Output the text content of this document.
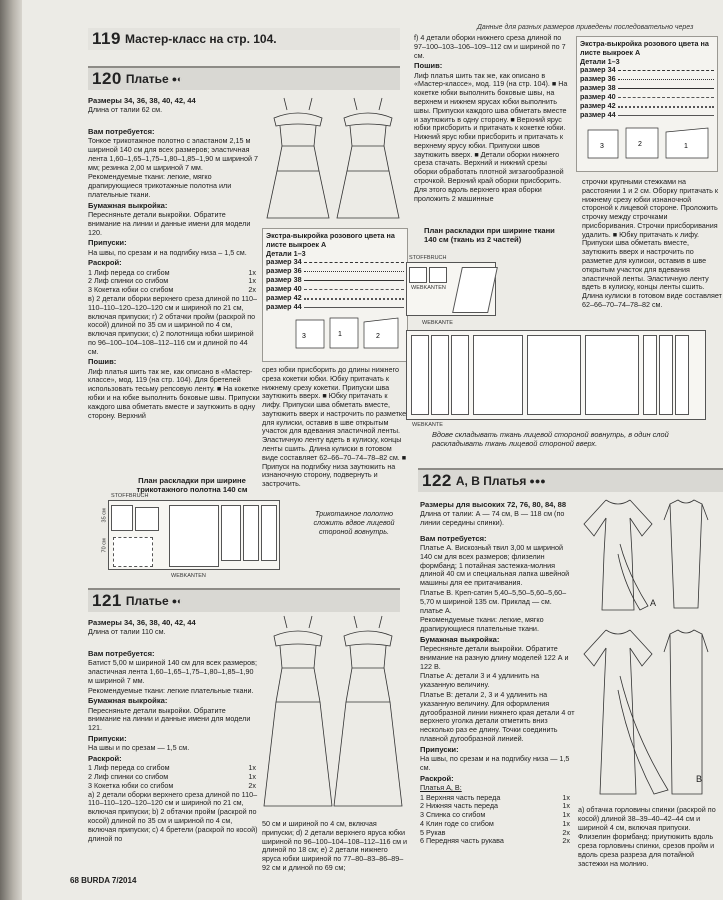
Данные для разных размеров приведены последовательно через
119 Мастер-класс на стр. 104.
120 Платье ●◐

Размеры 34, 36, 38, 40, 42, 44

Длина от талии 62 см.

Вам потребуется:

Тонкое трикотажное полотно с эластаном 2,15 м шириной 140 см для всех размеров; эластичная лента 1,60–1,65–1,75–1,80–1,85–1,90 м шириной 7 мм; резинка 2,00 м шириной 7 мм.

Рекомендуемые ткани: легкие, мягко драпирующиеся трикотажные полотна или плательные ткани.

Бумажная выкройка:

Пересняньте детали выкройки. Обратите внимание на линии и данные имени для модели 120.

Припуски:

На швы, по срезам и на подгибку низа – 1,5 см.

Раскрой:

1 Лиф переда со сгибом	1x
2 Лиф спинки со сгибом	1x
3 Кокетка юбки со сгибом	2x

в) 2 детали оборки верхнего среза длиной по 110–110–110–120–120–120 см и шириной по 21 см, включая припуски; г) 2 обтачки пройм (раскрой по косой) длиной по 35 см и шириной по 4 см, включая припуски; с) 2 полотнища юбки шириной по 96–100–104–108–112–116 см и длиной по 44 см.

Пошив:

Лиф платья шить так же, как описано в «Мастер-классе», мод. 119 (на стр. 104). Для бретелей использовать тесьму репсовую ленту. ■ На кокетке юбки и на юбке выполнить боковые швы. Припуски каждого шва обметать вместе и заутюжить в одну сторону. Верхний

Экстра-выкройка розового цвета на листе выкроек А

Детали 1–3

размер 34
размер 36
размер 38
размер 40
размер 42
размер 44
3	1	2

срез юбки присборить до длины нижнего среза кокетки юбки. Юбку притачать к нижнему срезу кокетки. Припуски шва заутюжить вверх. ■ Юбку притачать к лифу. Припуски шва обметать вместе, заутюжить вверх и настрочить по разметке для кулиски, оставив в шве открытым участок для вдевания эластичной ленты. Эластичную ленту вдеть в кулиску, концы ленты сшить. Длина кулиски в готовом виде составляет 62–66–70–74–78–82 см. ■ Припуск на подгибку низа заутюжить на изнаночную сторону, подвернуть и застрочить.

План раскладки при ширине трикотажного полотна 140 см

STOFFBRUCH
WEBKANTEN
35 см
70 см

Трикотажное полотно сложить вдвое лицевой стороной вовнутрь.

121 Платье ●◐

Размеры 34, 36, 38, 40, 42, 44

Длина от талии 110 см.

Вам потребуется:

Батист 5,00 м шириной 140 см для всех размеров; эластичная лента 1,60–1,65–1,75–1,80–1,85–1,90 м шириной 7 мм.

Рекомендуемые ткани: легкие плательные ткани.

Бумажная выкройка:

Пересняньте детали выкройки. Обратите внимание на линии и данные имени для модели 121.

Припуски:

На швы и по срезам — 1,5 см.

Раскрой:

1 Лиф переда со сгибом	1x
2 Лиф спинки со сгибом	1x
3 Кокетка юбки со сгибом	2x

а) 2 детали оборки верхнего среза длиной по 110–110–110–120–120–120 см и шириной по 21 см, включая припуски; b) 2 обтачки пройм (раскрой по косой) длиной по 35 см и шириной по 4 см, включая припуски; с) 4 бретели (раскрой по косой) длиной по

50 см и шириной по 4 см, включая припуски; d) 2 детали верхнего яруса юбки шириной по 96–100–104–108–112–116 см и длиной по 18 см; е) 2 детали нижнего яруса юбки шириной по 77–80–83–86–89–92 см и длиной по 69 см;

f) 4 детали оборки нижнего среза длиной по 97–100–103–106–109–112 см и шириной по 7 см.

Пошив:

Лиф платья шить так же, как описано в «Мастер-классе», мод. 119 (на стр. 104). ■ На кокетке юбки выполнить боковые швы, на верхнем и нижнем ярусах юбки выполнить швы. Припуски каждого шва обметать вместе и заутюжить в одну сторону. ■ Верхний ярус юбки присборить и притачать к кокетке юбки. Нижний ярус юбки присборить и притачать к верхнему ярусу юбки. Припуски швов заутюжить вверх. ■ Детали оборки нижнего среза стачать. Верхний и нижний срезы оборки обработать плотной зигзагообразной строчкой. Верхний край оборки присборить. Для этого вдоль верхнего края оборки проложить 2 машинные

План раскладки при ширине ткани 140 см (ткань из 2 частей)

STOFFBRUCH
WEBKANTEN
WEBKANTE
WEBKANTE

Вдове складывать ткань лицевой стороной вовнутрь, в один слой раскладывать ткань лицевой стороной вверх.

Экстра-выкройка розового цвета на листе выкроек А

Детали 1–3

размер 34
размер 36
размер 38
размер 40
размер 42
размер 44
3	2	1

строчки крупными стежками на расстоянии 1 и 2 см. Оборку притачать к нижнему срезу юбки изнаночной стороной к лицевой стороне. Проложить строчку между строчками присборивания. Строчки присборивания удалить. ■ Юбку притачать к лифу. Припуски шва обметать вместе, заутюжить вверх и настрочить по разметке для кулиски, оставив в шве открытым участок для вдевания эластичной ленты. Эластичную ленту вдеть в кулиску, концы ленты сшить. Длина кулиски в готовом виде составляет 62–66–70–74–78–82 см.

122 А, В Платья ●●●

Размеры для высоких 72, 76, 80, 84, 88

Длина от талии: А — 74 см, В — 118 см (по линии середины спинки).

Вам потребуется:

Платье А. Вискозный твил 3,00 м шириной 140 см для всех размеров; флизелин формбанд; 1 потайная застежка-молния длиной 40 см и специальная лапка швейной машины для ее притачивания.

Платье В. Креп-сатин 5,40–5,50–5,60–5,60–5,70 м шириной 135 см. Приклад — см. платье А.

Рекомендуемые ткани: легкие, мягко драпирующиеся плательные ткани.

Бумажная выкройка:

Пересняньте детали выкройки. Обратите внимание на разную длину моделей 122 А и 122 В.

Платье А: детали 3 и 4 удлинить на указанную величину.

Платье В: детали 2, 3 и 4 удлинить на указанную величину. Для оформления дугообразной линии нижнего края детали 4 от верхнего уголка детали отметить вниз несколько раз ее длину. Точки соединить плавной дугообразной линией.

Припуски:

На швы, по срезам и на подгибку низа — 1,5 см.

Раскрой:

Платья А, В:

1 Верхняя часть переда	1x
2 Нижняя часть переда	1x
3 Спинка со сгибом	1x
4 Клин годе со сгибом	1x
5 Рукав	2x
6 Передняя часть рукава	2x
А
В

а) обтачка горловины спинки (раскрой по косой) длиной 38–39–40–42–44 см и шириной 4 см, включая припуски.

Флизелин формбанд: приутюжить вдоль среза горловины спинки, срезов пройм и вдоль среза разреза для потайной застежки на молнию.

68 BURDA 7/2014
